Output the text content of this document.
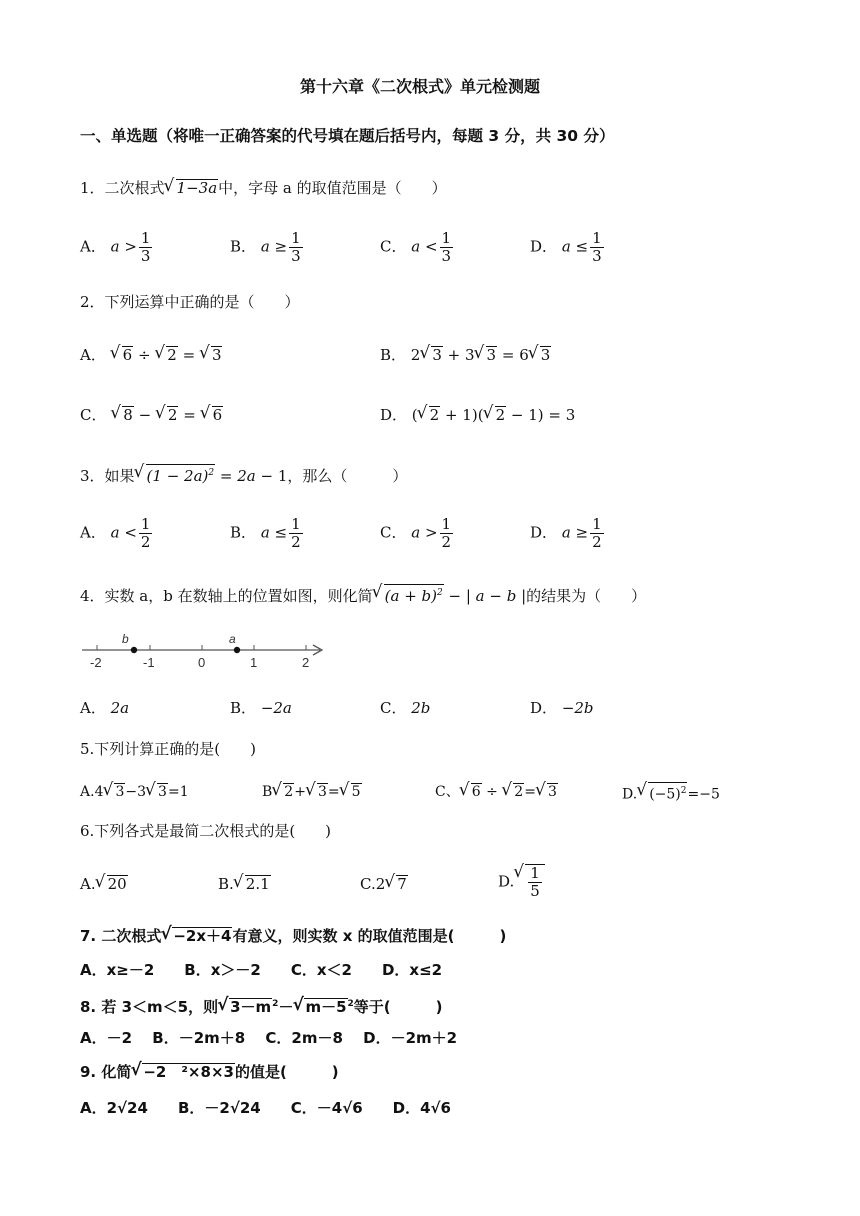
第十六章《二次根式》单元检测题
一、单选题（将唯一正确答案的代号填在题后括号内，每题 3 分，共 30 分）
1．二次根式√ 1−3a中，字母 a 的取值范围是（　　）
A． $a > \frac{1}{3}$	B． $a \ge \frac{1}{3}$	C． $a < \frac{1}{3}$	D． $a \le \frac{1}{3}$
2．下列运算中正确的是（　　）
A． √ 6 ÷ √ 2 = √ 3	B． 2√ 3 + 3√ 3 = 6√ 3
C． √ 8 − √ 2 = √ 6	D． (√ 2 + 1)(√ 2 − 1) = 3
3．如果√ $(1 - 2a)^2 = 2a - 1$，那么（　　　）
A． $a < \frac{1}{2}$	B． $a \le \frac{1}{2}$	C． $a > \frac{1}{2}$	D． $a \ge \frac{1}{2}$
4．实数 a，b 在数轴上的位置如图，则化简√ $(a + b)^2$ − | a − b |的结果为（　　）
b	a
-2	-1	0	1	2
A． 2a	B． −2a	C． 2b	D． −2b
5.下列计算正确的是(　　)
A.4√ 3−3√ 3=1	B√ 2+√ 3=√ 5	C、√ 6 ÷ √ 2=√ 3	D.√ $(-5)^2=-5$
6.下列各式是最简二次根式的是(　　)
A.√ 20	B.√ 2.1	C.2√ 7	D.
√ $\frac{1}{5}$
7. 二次根式√ −2x＋4有意义，则实数 x 的取值范围是(　　　)
A．x≥－2　　B．x＞－2　　C．x＜2　　D．x≤2
8. 若 3＜m＜5，则√ $3-m^2-√$ $m-5^2$等于(　　　)
A．－2　 B．－2m＋8　 C．2m－8　 D．－2m＋2
9. 化简√ −2　²×8×3的值是(　　　)
A．2√24　　 B．－2√24　　 C．－4√6　　 D．4√6
